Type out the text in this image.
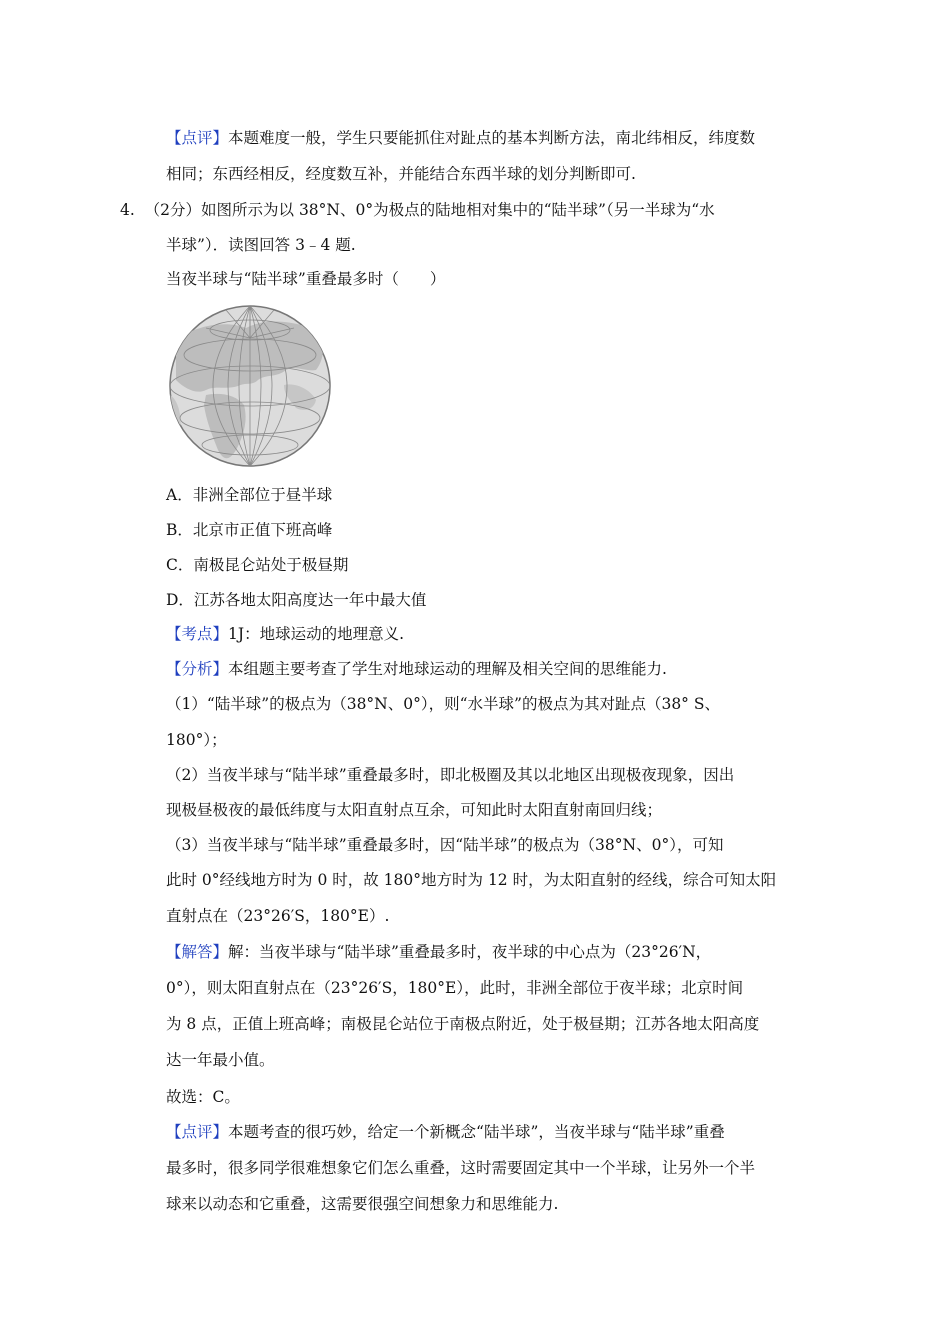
【点评】本题难度一般，学生只要能抓住对趾点的基本判断方法，南北纬相反，纬度数
相同；东西经相反，经度数互补，并能结合东西半球的划分判断即可.
4. （2分）如图所示为以 38°N、0°为极点的陆地相对集中的“陆半球”（另一半球为“水
半球”）．读图回答 3﹣4 题.
当夜半球与“陆半球”重叠最多时（　　）
A．非洲全部位于昼半球
B．北京市正值下班高峰
C．南极昆仑站处于极昼期
D．江苏各地太阳高度达一年中最大值
【考点】1J：地球运动的地理意义.
【分析】本组题主要考查了学生对地球运动的理解及相关空间的思维能力.
（1）“陆半球”的极点为（38°N、0°），则“水半球”的极点为其对趾点（38° S、
180°）；
（2）当夜半球与“陆半球”重叠最多时，即北极圈及其以北地区出现极夜现象，因出
现极昼极夜的最低纬度与太阳直射点互余，可知此时太阳直射南回归线；
（3）当夜半球与“陆半球”重叠最多时，因“陆半球”的极点为（38°N、0°），可知
此时 0°经线地方时为 0 时，故 180°地方时为 12 时，为太阳直射的经线，综合可知太阳
直射点在（23°26′S，180°E）.
【解答】解：当夜半球与“陆半球”重叠最多时，夜半球的中心点为（23°26′N，
0°），则太阳直射点在（23°26′S，180°E），此时，非洲全部位于夜半球；北京时间
为 8 点，正值上班高峰；南极昆仑站位于南极点附近，处于极昼期；江苏各地太阳高度
达一年最小值。
故选：C。
【点评】本题考查的很巧妙，给定一个新概念“陆半球”，当夜半球与“陆半球”重叠
最多时，很多同学很难想象它们怎么重叠，这时需要固定其中一个半球，让另外一个半
球来以动态和它重叠，这需要很强空间想象力和思维能力.
